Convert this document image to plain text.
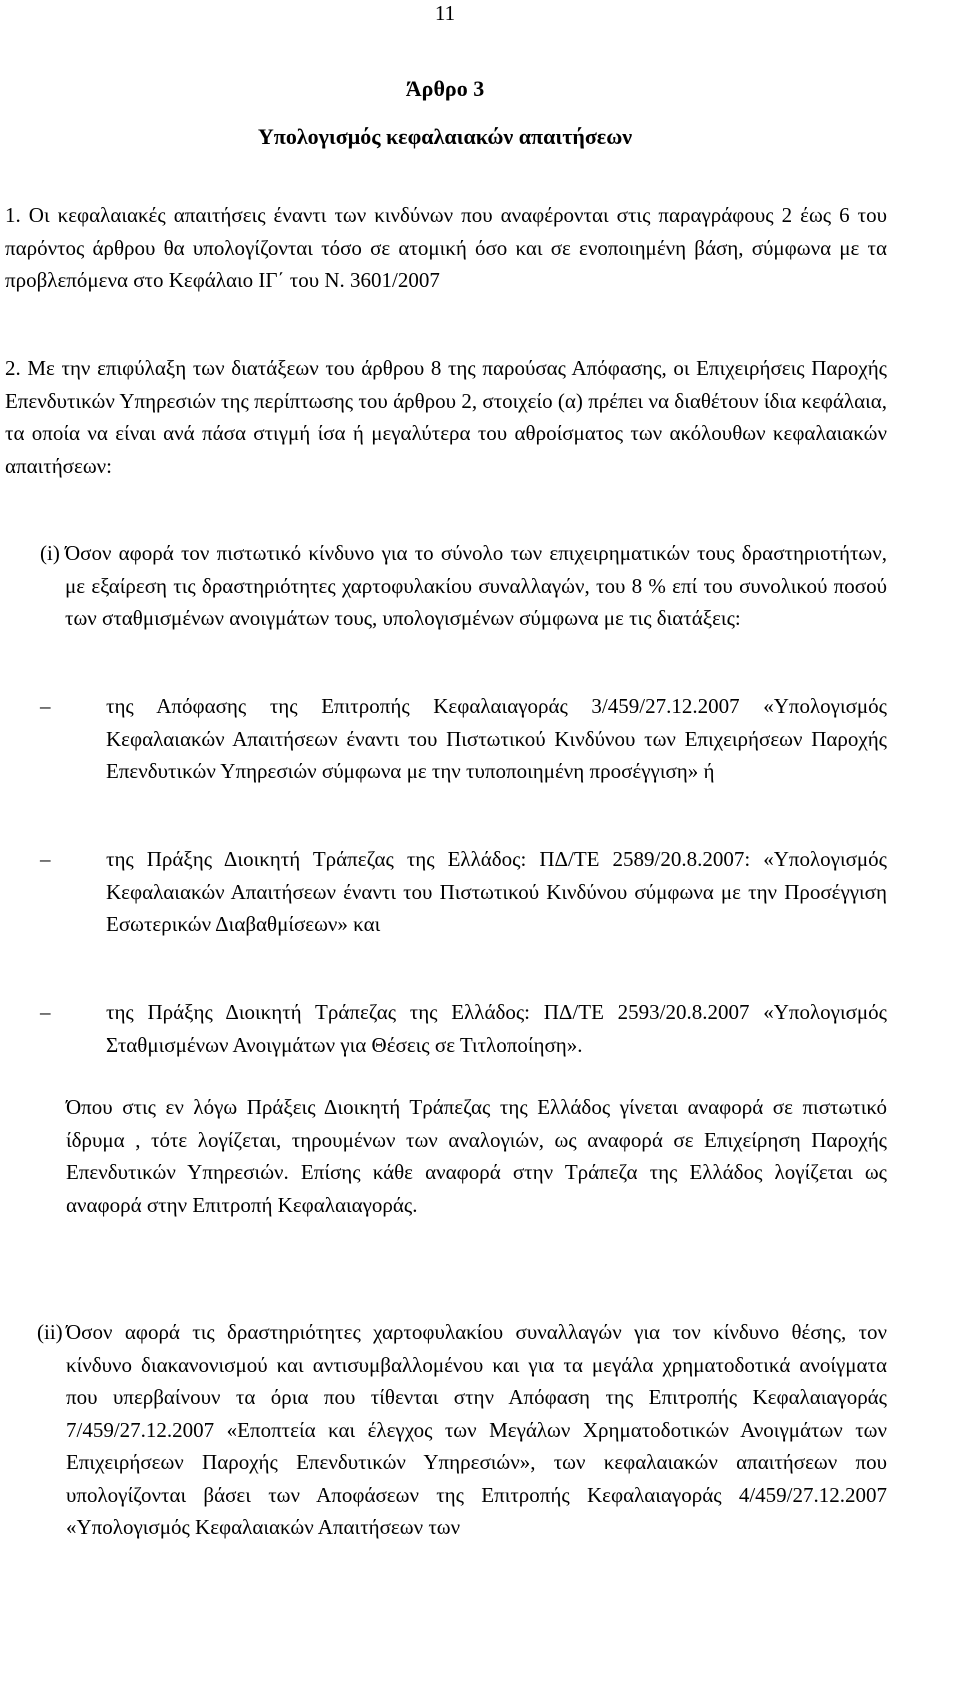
11
Άρθρο 3
Υπολογισμός κεφαλαιακών απαιτήσεων
1. Οι κεφαλαιακές απαιτήσεις έναντι των κινδύνων που αναφέρονται στις παραγράφους 2 έως 6 του παρόντος άρθρου θα υπολογίζονται τόσο σε ατομική όσο και σε ενοποιημένη βάση, σύμφωνα με τα προβλεπόμενα στο Κεφάλαιο ΙΓ΄ του Ν. 3601/2007
2. Με την επιφύλαξη των διατάξεων του άρθρου 8 της παρούσας Απόφασης, οι Επιχειρήσεις Παροχής Επενδυτικών Υπηρεσιών της περίπτωσης του άρθρου 2, στοιχείο (α) πρέπει να διαθέτουν ίδια κεφάλαια, τα οποία να είναι ανά πάσα στιγμή ίσα ή μεγαλύτερα του αθροίσματος των ακόλουθων κεφαλαιακών απαιτήσεων:
(i) Όσον αφορά τον πιστωτικό κίνδυνο για το σύνολο των επιχειρηματικών τους δραστηριοτήτων, με εξαίρεση τις δραστηριότητες χαρτοφυλακίου συναλλαγών, του 8 % επί του συνολικού ποσού των σταθμισμένων ανοιγμάτων τους, υπολογισμένων σύμφωνα με τις διατάξεις:
–	της Απόφασης της Επιτροπής Κεφαλαιαγοράς 3/459/27.12.2007 «Υπολογισμός Κεφαλαιακών Απαιτήσεων έναντι του Πιστωτικού Κινδύνου των Επιχειρήσεων Παροχής Επενδυτικών Υπηρεσιών σύμφωνα με την τυποποιημένη προσέγγιση» ή
–	της Πράξης Διοικητή Τράπεζας της Ελλάδος: ΠΔ/ΤΕ 2589/20.8.2007: «Υπολογισμός Κεφαλαιακών Απαιτήσεων έναντι του Πιστωτικού Κινδύνου σύμφωνα με την Προσέγγιση Εσωτερικών Διαβαθμίσεων» και
–	της Πράξης Διοικητή Τράπεζας της Ελλάδος: ΠΔ/ΤΕ 2593/20.8.2007 «Υπολογισμός Σταθμισμένων Ανοιγμάτων για Θέσεις σε Τιτλοποίηση».
Όπου στις εν λόγω Πράξεις Διοικητή Τράπεζας της Ελλάδος γίνεται αναφορά σε πιστωτικό ίδρυμα , τότε λογίζεται, τηρουμένων των αναλογιών, ως αναφορά σε Επιχείρηση Παροχής Επενδυτικών Υπηρεσιών. Επίσης κάθε αναφορά στην Τράπεζα της Ελλάδος λογίζεται ως αναφορά στην Επιτροπή Κεφαλαιαγοράς.
(ii) Όσον αφορά τις δραστηριότητες χαρτοφυλακίου συναλλαγών για τον κίνδυνο θέσης, τον κίνδυνο διακανονισμού και αντισυμβαλλομένου και για τα μεγάλα χρηματοδοτικά ανοίγματα που υπερβαίνουν τα όρια που τίθενται στην Απόφαση της Επιτροπής Κεφαλαιαγοράς 7/459/27.12.2007 «Εποπτεία και έλεγχος των Μεγάλων Χρηματοδοτικών Ανοιγμάτων των Επιχειρήσεων Παροχής Επενδυτικών Υπηρεσιών», των κεφαλαιακών απαιτήσεων που υπολογίζονται βάσει των Αποφάσεων της Επιτροπής Κεφαλαιαγοράς 4/459/27.12.2007 «Υπολογισμός Κεφαλαιακών Απαιτήσεων των
